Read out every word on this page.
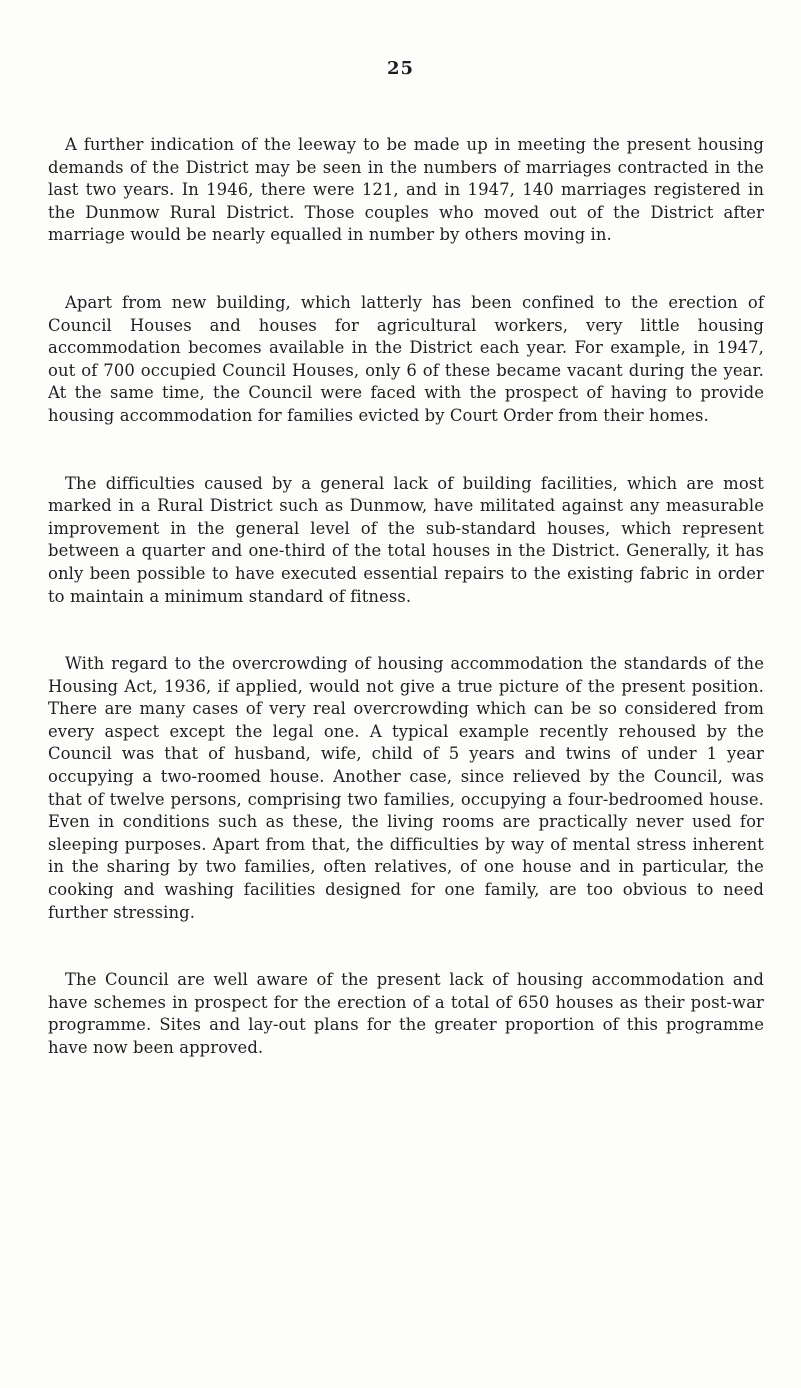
25

A further indication of the leeway to be made up in meeting the present housing demands of the District may be seen in the numbers of marriages contracted in the last two years. In 1946, there were 121, and in 1947, 140 marriages registered in the Dunmow Rural District. Those couples who moved out of the District after marriage would be nearly equalled in number by others moving in.

Apart from new building, which latterly has been confined to the erection of Council Houses and houses for agricultural workers, very little housing accommodation becomes available in the District each year. For example, in 1947, out of 700 occupied Council Houses, only 6 of these became vacant during the year. At the same time, the Council were faced with the prospect of having to provide housing accommodation for families evicted by Court Order from their homes.

The difficulties caused by a general lack of building facilities, which are most marked in a Rural District such as Dunmow, have militated against any measurable improvement in the general level of the sub-standard houses, which represent between a quarter and one-third of the total houses in the District. Generally, it has only been possible to have executed essential repairs to the existing fabric in order to maintain a minimum standard of fitness.

With regard to the overcrowding of housing accommodation the standards of the Housing Act, 1936, if applied, would not give a true picture of the present position. There are many cases of very real overcrowding which can be so considered from every aspect except the legal one. A typical example recently rehoused by the Council was that of husband, wife, child of 5 years and twins of under 1 year occupying a two-roomed house. Another case, since relieved by the Council, was that of twelve persons, comprising two families, occupying a four-bedroomed house. Even in conditions such as these, the living rooms are practically never used for sleeping purposes. Apart from that, the difficulties by way of mental stress inherent in the sharing by two families, often relatives, of one house and in particular, the cooking and washing facilities designed for one family, are too obvious to need further stressing.

The Council are well aware of the present lack of housing accommodation and have schemes in prospect for the erection of a total of 650 houses as their post-war programme. Sites and lay-out plans for the greater proportion of this programme have now been approved.
